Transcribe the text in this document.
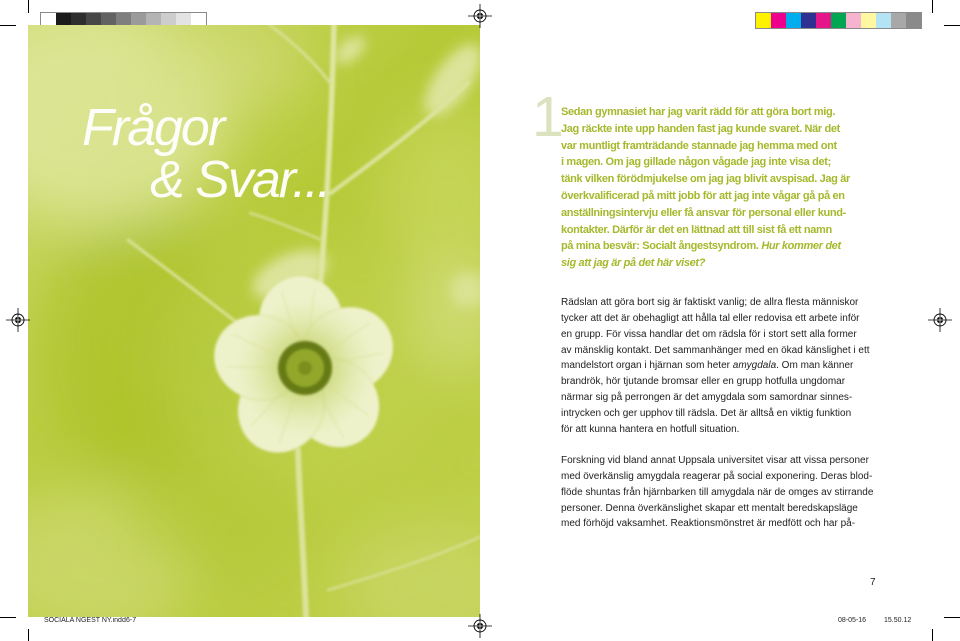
Frågor
& Svar...
1
Sedan gymnasiet har jag varit rädd för att göra bort mig.
Jag räckte inte upp handen fast jag kunde svaret. När det
var muntligt framträdande stannade jag hemma med ont
i magen. Om jag gillade någon vågade jag inte visa det;
tänk vilken förödmjukelse om jag jag blivit avspisad. Jag är
överkvalificerad på mitt jobb för att jag inte vågar gå på en
anställningsintervju eller få ansvar för personal eller kund-
kontakter. Därför är det en lättnad att till sist få ett namn
på mina besvär: Socialt ångestsyndrom. Hur kommer det
sig att jag är på det här viset?
Rädslan att göra bort sig är faktiskt vanlig; de allra flesta människor
tycker att det är obehagligt att hålla tal eller redovisa ett arbete inför
en grupp. För vissa handlar det om rädsla för i stort sett alla former
av mänsklig kontakt. Det sammanhänger med en ökad känslighet i ett
mandelstort organ i hjärnan som heter amygdala. Om man känner
brandrök, hör tjutande bromsar eller en grupp hotfulla ungdomar
närmar sig på perrongen är det amygdala som samordnar sinnes-
intrycken och ger upphov till rädsla. Det är alltså en viktig funktion
för att kunna hantera en hotfull situation.
Forskning vid bland annat Uppsala universitet visar att vissa personer
med överkänslig amygdala reagerar på social exponering. Deras blod-
flöde shuntas från hjärnbarken till amygdala när de omges av stirrande
personer. Denna överkänslighet skapar ett mentalt beredskapsläge
med förhöjd vaksamhet. Reaktionsmönstret är medfött och har på-
7
SOCIALA NGEST NY.indd 6-7	08-05-16	15.50.12
